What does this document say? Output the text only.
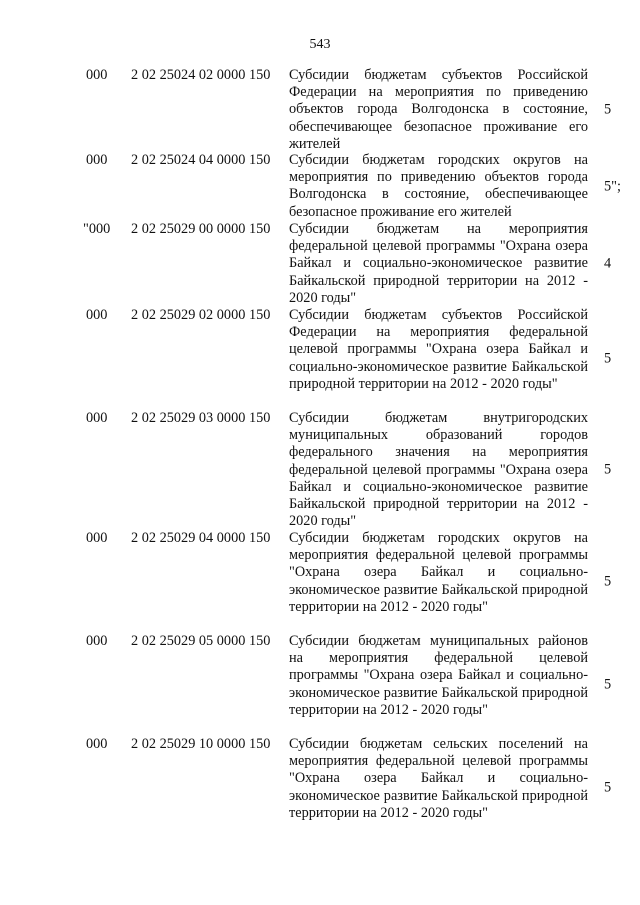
543
000 2 02 25024 02 0000 150 Субсидии бюджетам субъектов Российской Федерации на мероприятия по приведению объектов города Волгодонска в состояние, обеспечивающее безопасное проживание его жителей
5
000 2 02 25024 04 0000 150 Субсидии бюджетам городских округов на мероприятия по приведению объектов города Волгодонска в состояние, обеспечивающее безопасное проживание его жителей
5";
"000 2 02 25029 00 0000 150 Субсидии бюджетам на мероприятия федеральной целевой программы "Охрана озера Байкал и социально-экономическое развитие Байкальской природной территории на 2012 - 2020 годы"
4
000 2 02 25029 02 0000 150 Субсидии бюджетам субъектов Российской Федерации на мероприятия федеральной целевой программы "Охрана озера Байкал и социально-экономическое развитие Байкальской природной территории на 2012 - 2020 годы"
5
000 2 02 25029 03 0000 150 Субсидии бюджетам внутригородских муниципальных образований городов федерального значения на мероприятия федеральной целевой программы "Охрана озера Байкал и социально-экономическое развитие Байкальской природной территории на 2012 - 2020 годы"
5
000 2 02 25029 04 0000 150 Субсидии бюджетам городских округов на мероприятия федеральной целевой программы "Охрана озера Байкал и социально-экономическое развитие Байкальской природной территории на 2012 - 2020 годы"
5
000 2 02 25029 05 0000 150 Субсидии бюджетам муниципальных районов на мероприятия федеральной целевой программы "Охрана озера Байкал и социально-экономическое развитие Байкальской природной территории на 2012 - 2020 годы"
5
000 2 02 25029 10 0000 150 Субсидии бюджетам сельских поселений на мероприятия федеральной целевой программы "Охрана озера Байкал и социально-экономическое развитие Байкальской природной территории на 2012 - 2020 годы"
5
